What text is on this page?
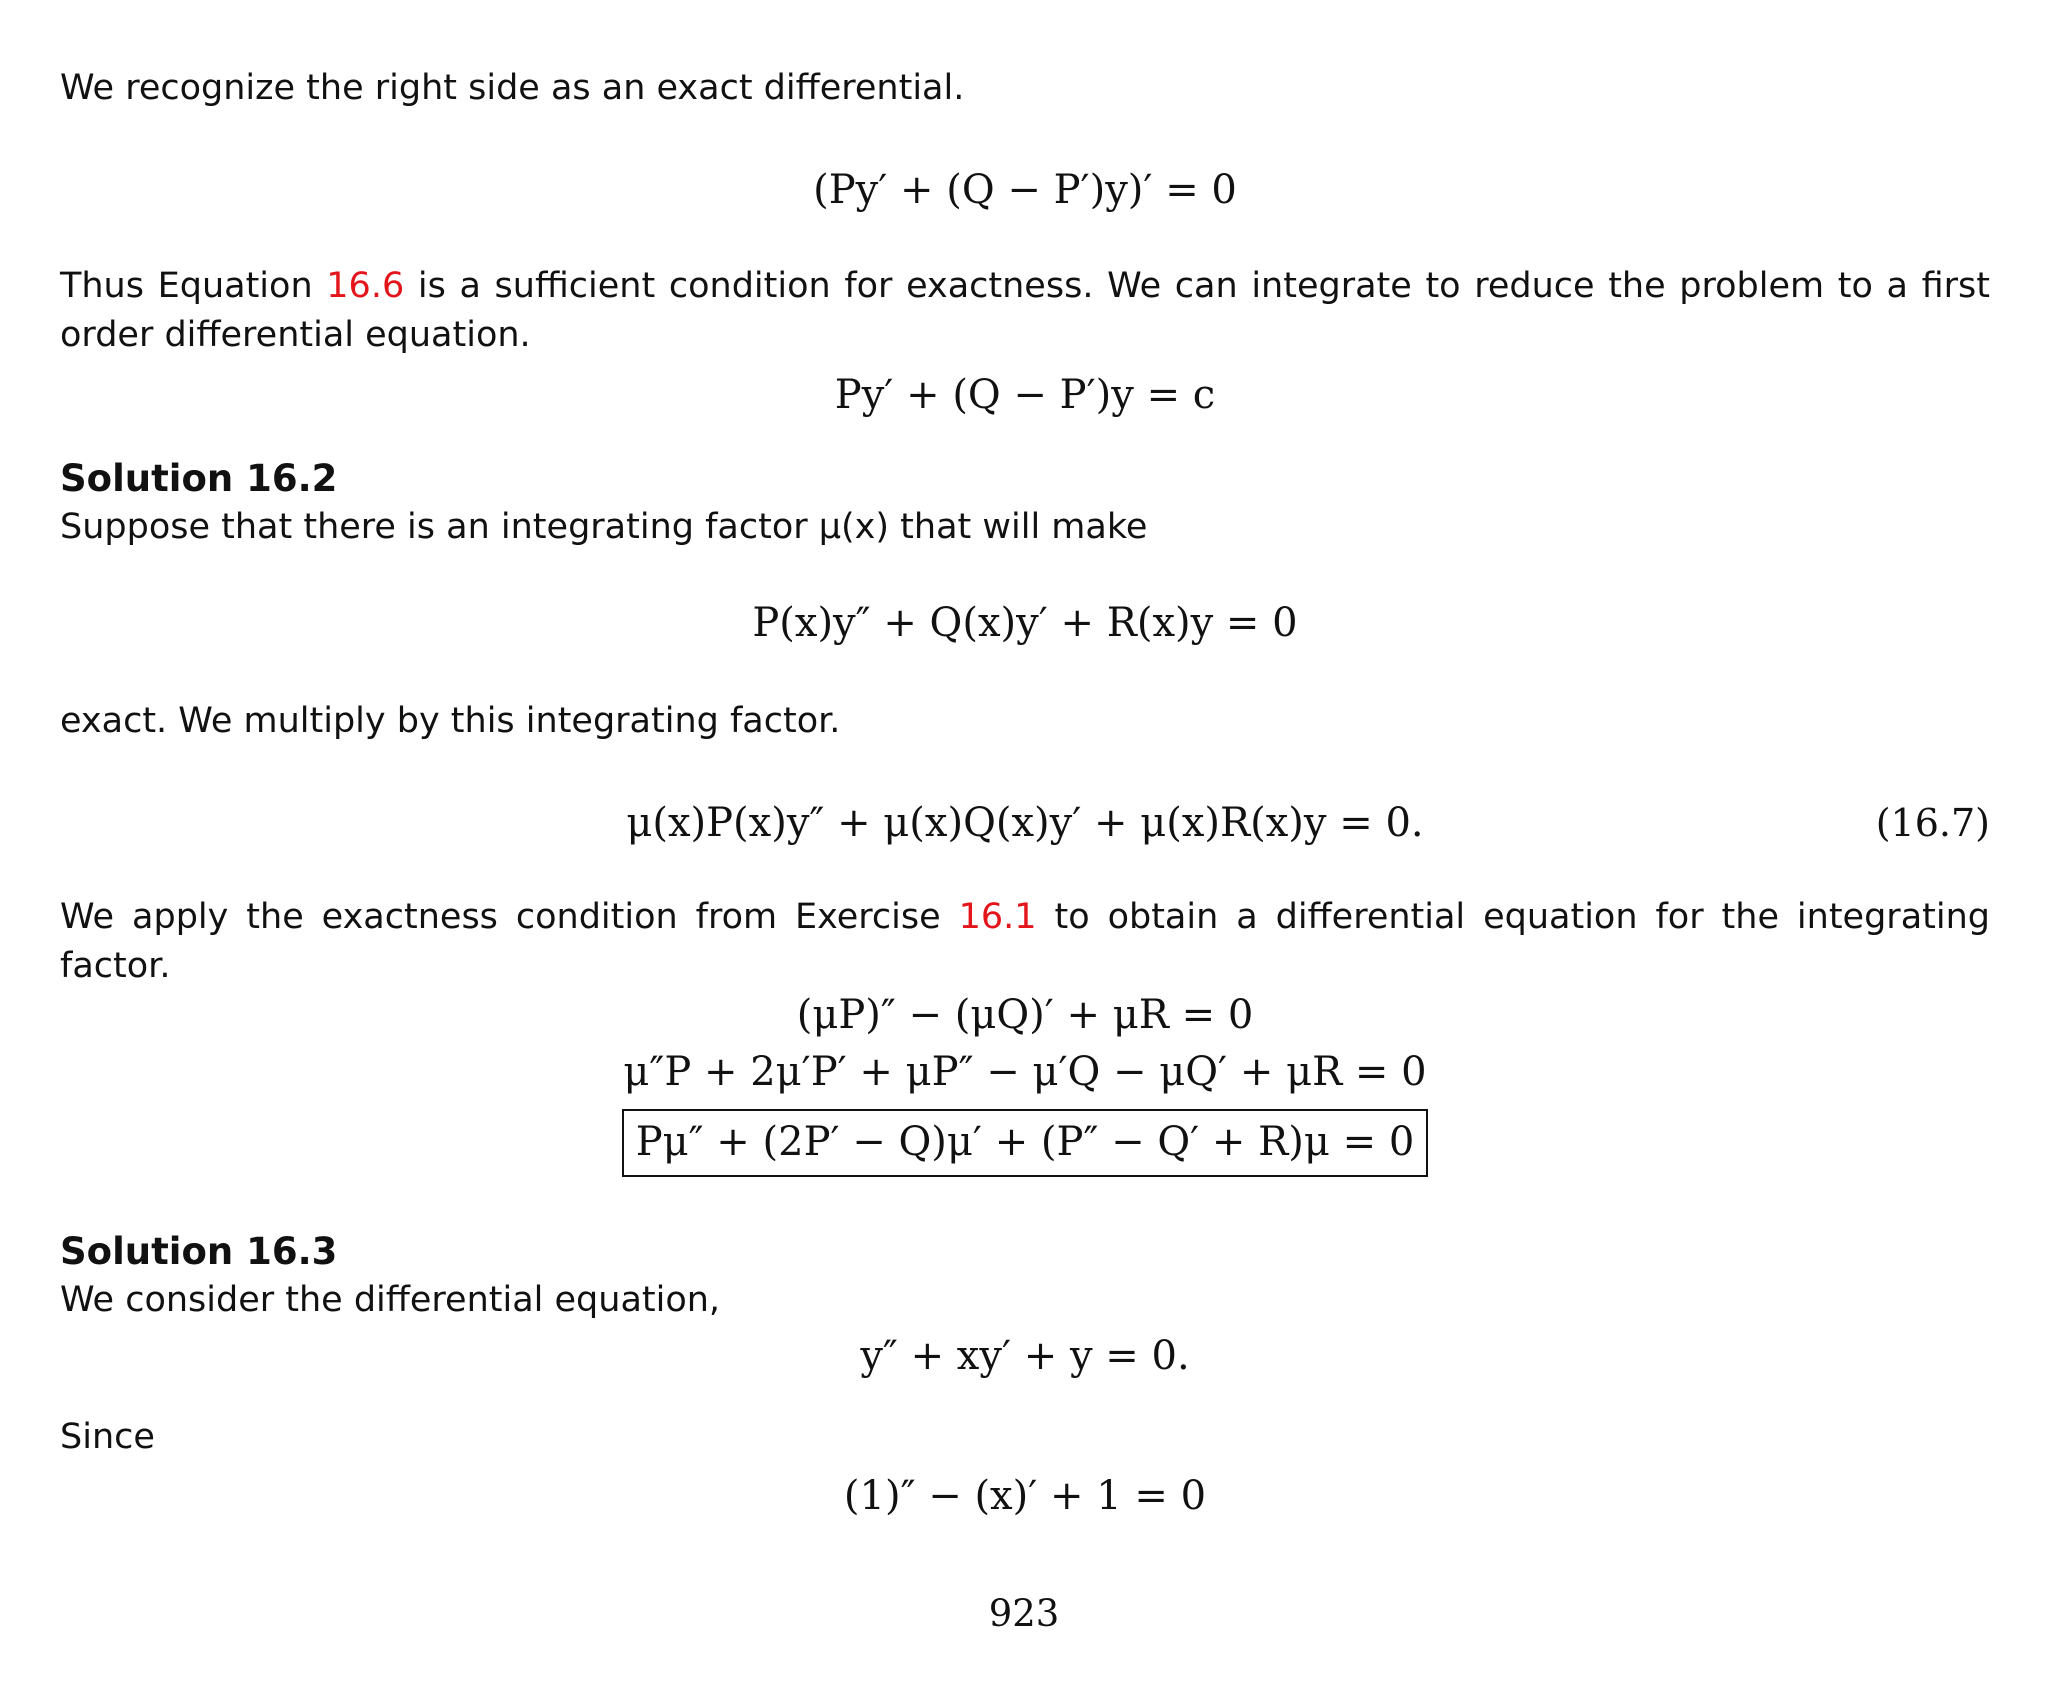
We recognize the right side as an exact differential.
(Py′ + (Q − P′)y)′ = 0
Thus Equation 16.6 is a sufficient condition for exactness. We can integrate to reduce the problem to a first order differential equation.
Py′ + (Q − P′)y = c
Solution 16.2
Suppose that there is an integrating factor μ(x) that will make
P(x)y″ + Q(x)y′ + R(x)y = 0
exact. We multiply by this integrating factor.
μ(x)P(x)y″ + μ(x)Q(x)y′ + μ(x)R(x)y = 0.	(16.7)
We apply the exactness condition from Exercise 16.1 to obtain a differential equation for the integrating factor.
(μP)″ − (μQ)′ + μR = 0
μ″P + 2μ′P′ + μP″ − μ′Q − μQ′ + μR = 0
Pμ″ + (2P′ − Q)μ′ + (P″ − Q′ + R)μ = 0
Solution 16.3
We consider the differential equation,
y″ + xy′ + y = 0.
Since
(1)″ − (x)′ + 1 = 0
923
